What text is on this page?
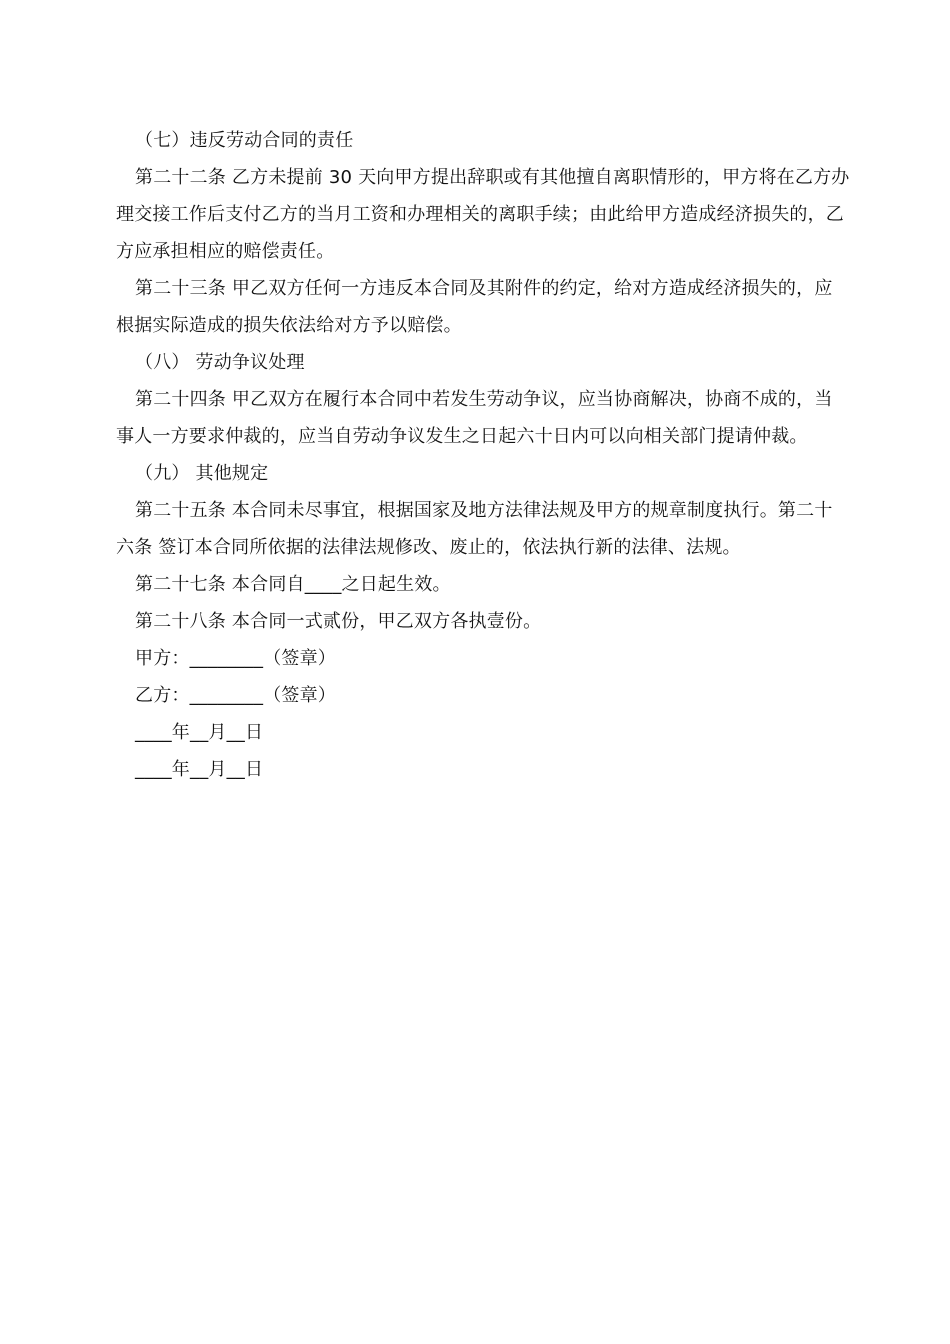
（七）违反劳动合同的责任

第二十二条 乙方未提前 30 天向甲方提出辞职或有其他擅自离职情形的，甲方将在乙方办理交接工作后支付乙方的当月工资和办理相关的离职手续；由此给甲方造成经济损失的，乙方应承担相应的赔偿责任。

第二十三条 甲乙双方任何一方违反本合同及其附件的约定，给对方造成经济损失的，应根据实际造成的损失依法给对方予以赔偿。

（八） 劳动争议处理

第二十四条 甲乙双方在履行本合同中若发生劳动争议，应当协商解决，协商不成的，当事人一方要求仲裁的，应当自劳动争议发生之日起六十日内可以向相关部门提请仲裁。

（九） 其他规定

第二十五条 本合同未尽事宜，根据国家及地方法律法规及甲方的规章制度执行。第二十六条 签订本合同所依据的法律法规修改、废止的，依法执行新的法律、法规。

第二十七条 本合同自____之日起生效。

第二十八条 本合同一式贰份，甲乙双方各执壹份。

甲方：________（签章）

乙方：________（签章）

____年__月__日

____年__月__日
